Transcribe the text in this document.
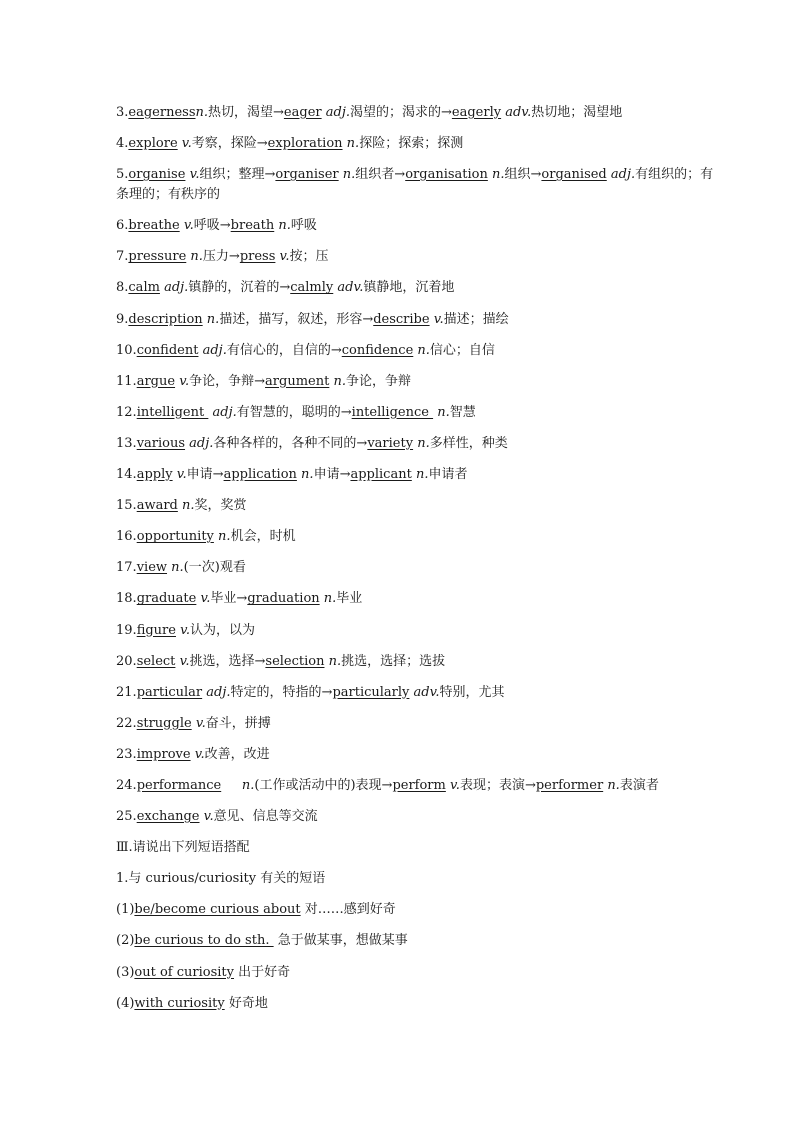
3.eagernessn.热切，渴望→eager adj.渴望的；渴求的→eagerly adv.热切地；渴望地
4.explore v.考察，探险→exploration n.探险；探索；探测
5.organise v.组织；整理→organiser n.组织者→organisation n.组织→organised adj.有组织的；有
条理的；有秩序的
6.breathe v.呼吸→breath n.呼吸
7.pressure n.压力→press v.按；压
8.calm adj.镇静的，沉着的→calmly adv.镇静地，沉着地
9.description n.描述，描写，叙述，形容→describe v.描述；描绘
10.confident adj.有信心的，自信的→confidence n.信心；自信
11.argue v.争论，争辩→argument n.争论，争辩
12.intelligent  adj.有智慧的，聪明的→intelligence  n.智慧
13.various adj.各种各样的，各种不同的→variety n.多样性，种类
14.apply v.申请→application n.申请→applicant n.申请者
15.award n.奖，奖赏
16.opportunity n.机会，时机
17.view n.(一次)观看
18.graduate v.毕业→graduation n.毕业
19.figure v.认为，以为
20.select v.挑选，选择→selection n.挑选，选择；选拔
21.particular adj.特定的，特指的→particularly adv.特别，尤其
22.struggle v.奋斗，拼搏
23.improve v.改善，改进
24.performance n.(工作或活动中的)表现→perform v.表现；表演→performer n.表演者
25.exchange v.意见、信息等交流
Ⅲ.请说出下列短语搭配
1.与 curious/curiosity 有关的短语
(1)be/become curious about 对……感到好奇
(2)be curious to do sth.  急于做某事，想做某事
(3)out of curiosity 出于好奇
(4)with curiosity 好奇地
